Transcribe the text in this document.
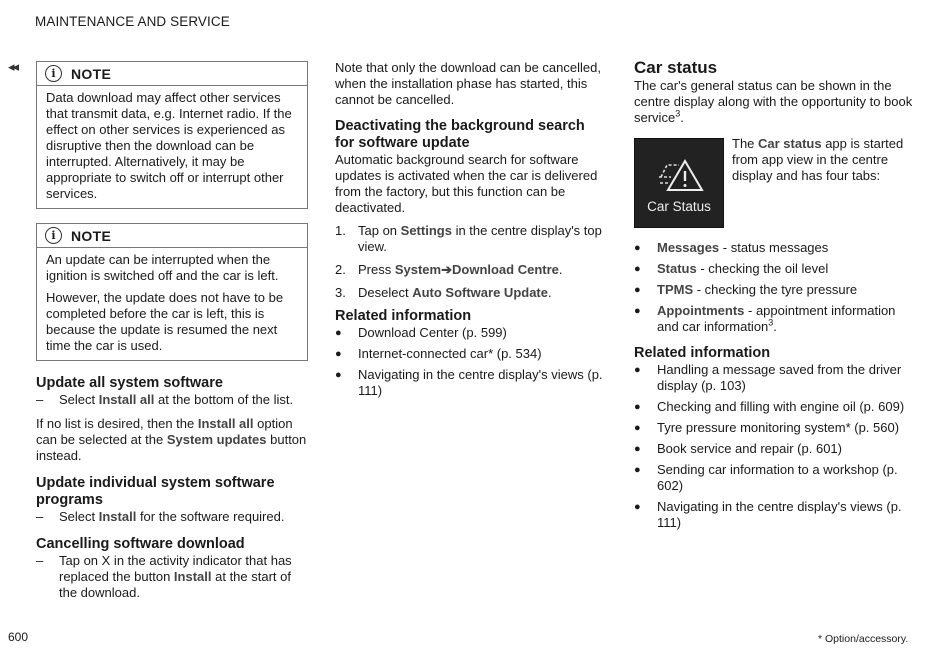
MAINTENANCE AND SERVICE
◂◂	i	NOTE

Data download may affect other services that transmit data, e.g. Internet radio. If the effect on other services is experienced as disruptive then the download can be interrupted. Alternatively, it may be appropriate to switch off or interrupt other services.

i	NOTE

An update can be interrupted when the ignition is switched off and the car is left.

However, the update does not have to be completed before the car is left, this is because the update is resumed the next time the car is used.

Update all system software
–	Select Install all at the bottom of the list.

If no list is desired, then the Install all option can be selected at the System updates button instead.

Update individual system software programs
–	Select Install for the software required.
Cancelling software download
–	Tap on X in the activity indicator that has replaced the button Install at the start of the download.

Note that only the download can be cancelled, when the installation phase has started, this cannot be cancelled.

Deactivating the background search for software update

Automatic background search for software updates is activated when the car is delivered from the factory, but this function can be deactivated.

1. Tap on Settings in the centre display's top view.
2. Press System➔Download Centre.
3. Deselect Auto Software Update.
Related information
●	Download Center (p. 599)
●	Internet-connected car* (p. 534)
●	Navigating in the centre display's views (p. 111)
Car status

The car's general status can be shown in the centre display along with the opportunity to book service$^3$.

Car Status

The Car status app is started from app view in the centre display and has four tabs:

●	Messages - status messages
●	Status - checking the oil level
●	TPMS - checking the tyre pressure
●	Appointments - appointment information and car information$^3$.
Related information
●	Handling a message saved from the driver display (p. 103)
●	Checking and filling with engine oil (p. 609)
●	Tyre pressure monitoring system* (p. 560)
●	Book service and repair (p. 601)
●	Sending car information to a workshop (p. 602)
●	Navigating in the centre display's views (p. 111)
600	* Option/accessory.
